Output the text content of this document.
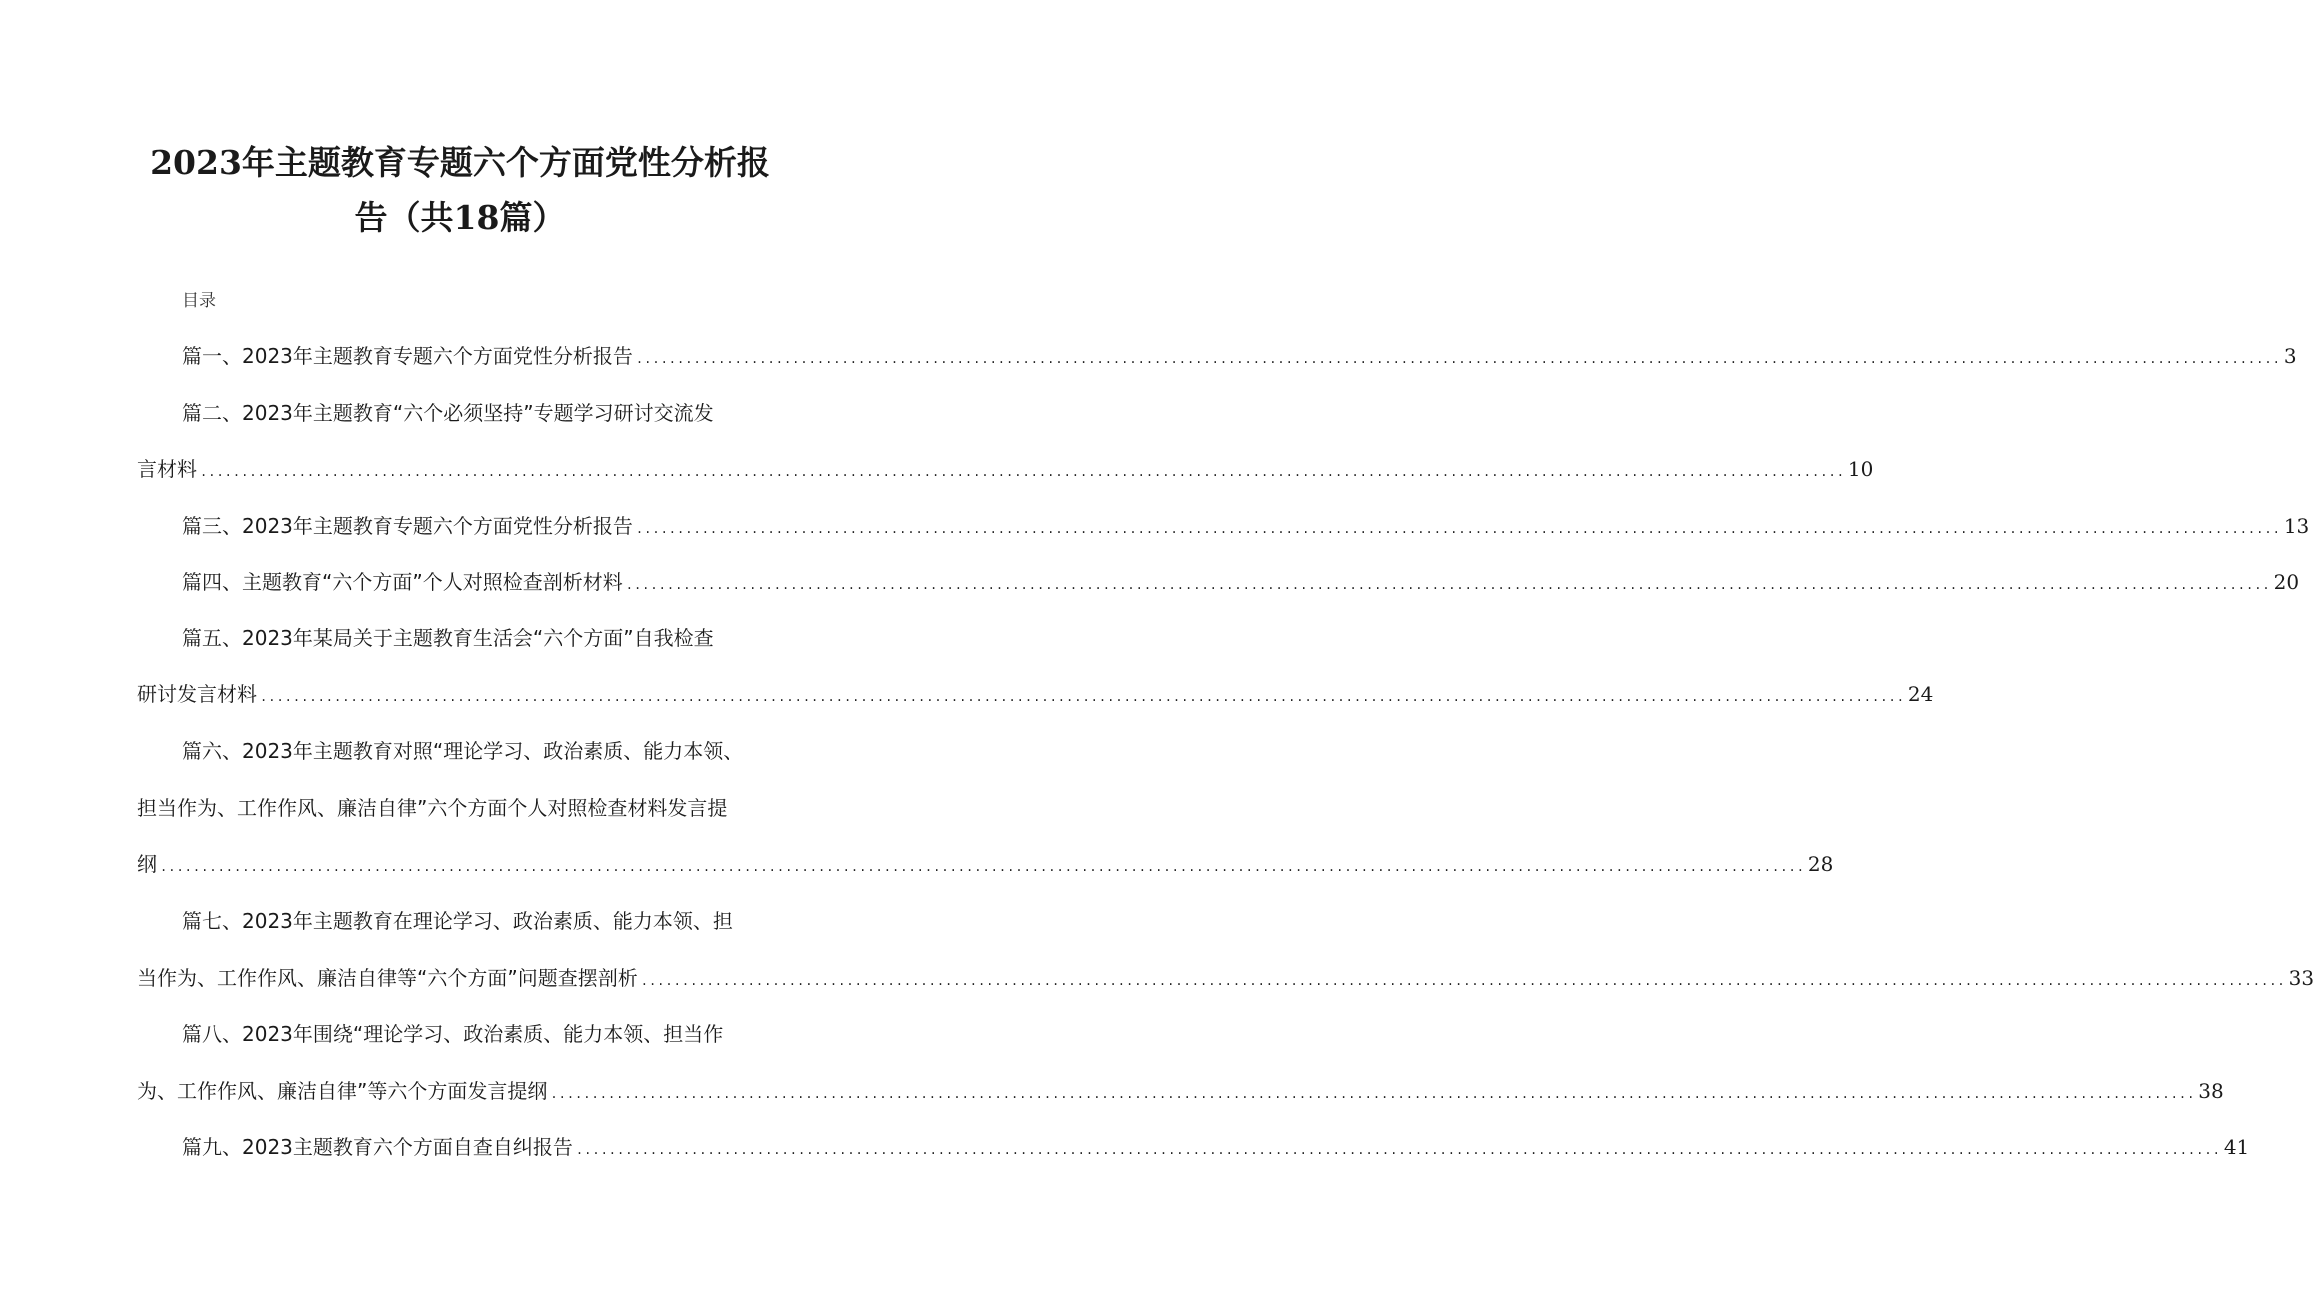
2023年主题教育专题六个方面党性分析报
告（共18篇）
目录
篇一、2023年主题教育专题六个方面党性分析报告 ........................................................................................................................................................................................................ 3
篇二、2023年主题教育“六个必须坚持”专题学习研讨交流发
言材料 ........................................................................................................................................................................................................ 10
篇三、2023年主题教育专题六个方面党性分析报告 ........................................................................................................................................................................................................ 13
篇四、主题教育“六个方面”个人对照检查剖析材料 ........................................................................................................................................................................................................ 20
篇五、2023年某局关于主题教育生活会“六个方面”自我检查
研讨发言材料 ........................................................................................................................................................................................................ 24
篇六、2023年主题教育对照“理论学习、政治素质、能力本领、
担当作为、工作作风、廉洁自律”六个方面个人对照检查材料发言提
纲 ........................................................................................................................................................................................................ 28
篇七、2023年主题教育在理论学习、政治素质、能力本领、担
当作为、工作作风、廉洁自律等“六个方面”问题查摆剖析 ........................................................................................................................................................................................................ 33
篇八、2023年围绕“理论学习、政治素质、能力本领、担当作
为、工作作风、廉洁自律”等六个方面发言提纲 ........................................................................................................................................................................................................ 38
篇九、2023主题教育六个方面自查自纠报告 ........................................................................................................................................................................................................ 41
